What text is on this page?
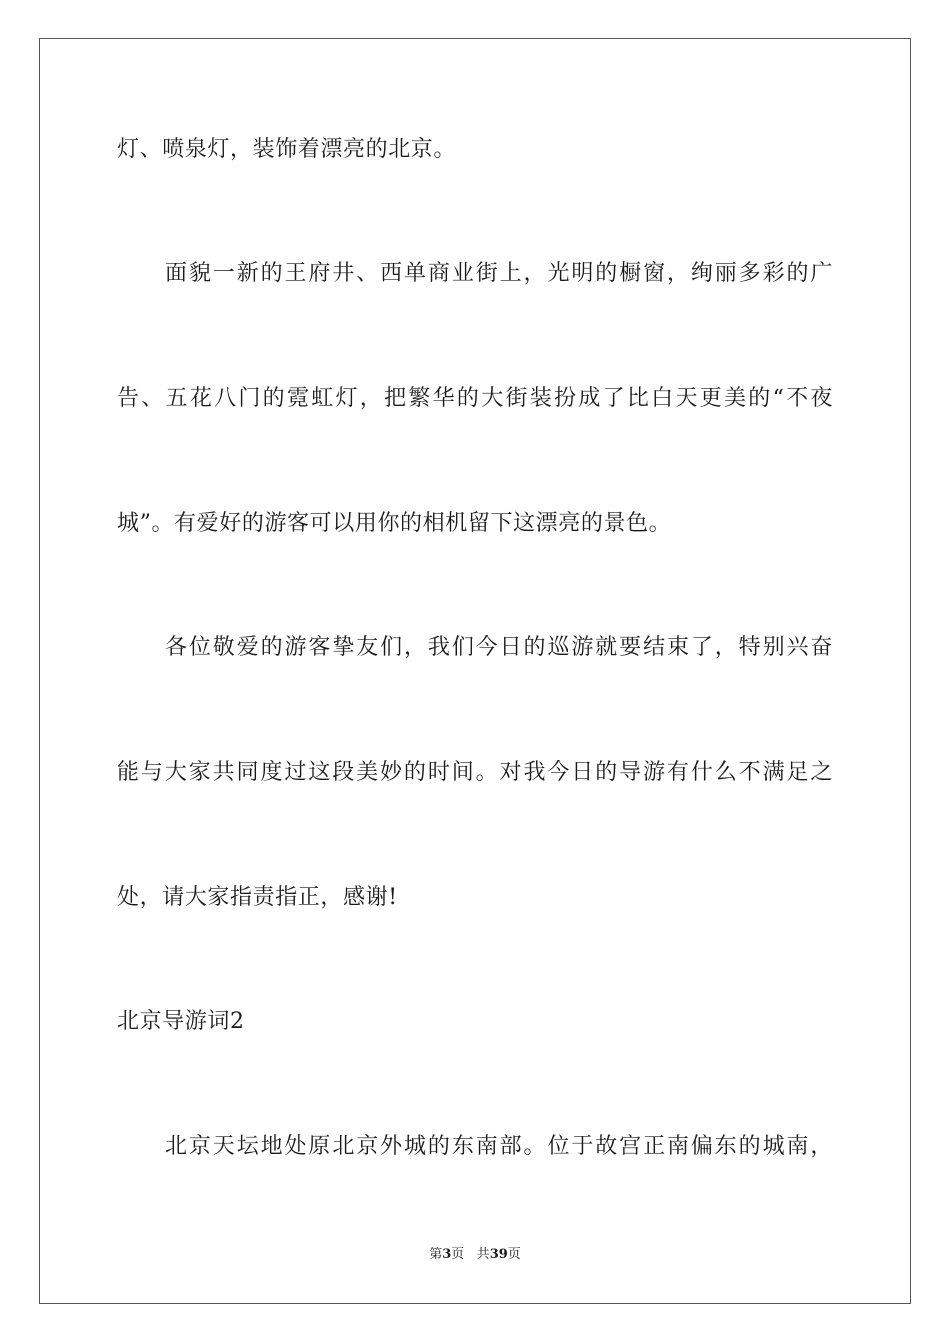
灯、喷泉灯，装饰着漂亮的北京。
面貌一新的王府井、西单商业街上，光明的橱窗，绚丽多彩的广
告、五花八门的霓虹灯，把繁华的大街装扮成了比白天更美的“不夜
城”。有爱好的游客可以用你的相机留下这漂亮的景色。
各位敬爱的游客挚友们，我们今日的巡游就要结束了，特别兴奋
能与大家共同度过这段美妙的时间。对我今日的导游有什么不满足之
处，请大家指责指正，感谢!
北京导游词2
北京天坛地处原北京外城的东南部。位于故宫正南偏东的城南，
第3页 共39页
